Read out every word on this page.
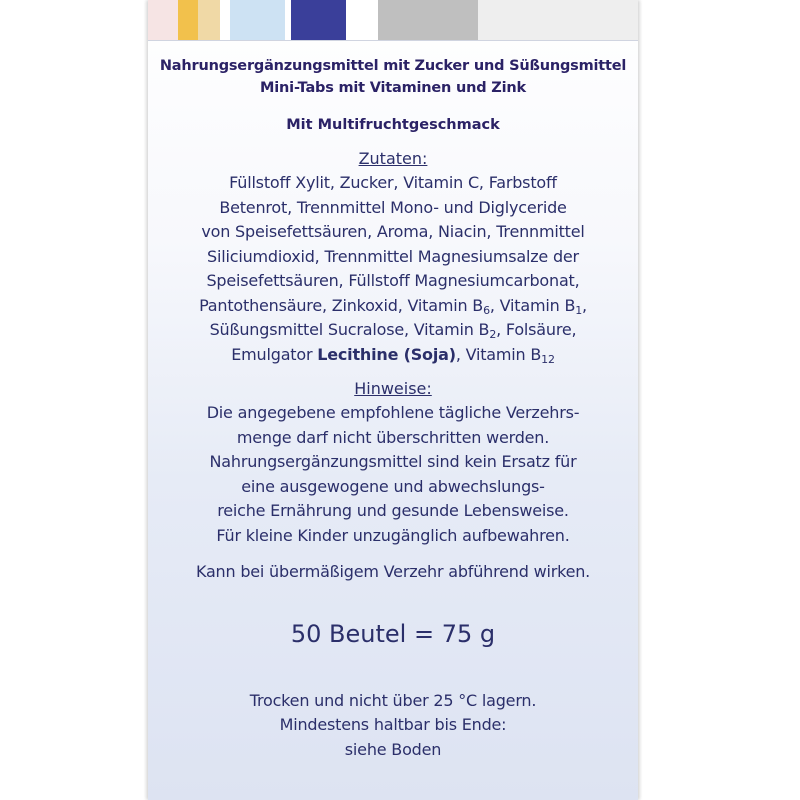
Nahrungsergänzungsmittel mit Zucker und Süßungsmittel
Mini-Tabs mit Vitaminen und Zink
Mit Multifruchtgeschmack
Zutaten:
Füllstoff Xylit, Zucker, Vitamin C, Farbstoff
Betenrot, Trennmittel Mono- und Diglyceride
von Speisefettsäuren, Aroma, Niacin, Trennmittel
Siliciumdioxid, Trennmittel Magnesiumsalze der
Speisefettsäuren, Füllstoff Magnesiumcarbonat,
Pantothensäure, Zinkoxid, Vitamin $B_6$, Vitamin $B_1$,
Süßungsmittel Sucralose, Vitamin $B_2$, Folsäure,
Emulgator Lecithine (Soja), Vitamin $B_{12}$
Hinweise:
Die angegebene empfohlene tägliche Verzehrs-
menge darf nicht überschritten werden.
Nahrungsergänzungsmittel sind kein Ersatz für
eine ausgewogene und abwechslungs-
reiche Ernährung und gesunde Lebensweise.
Für kleine Kinder unzugänglich aufbewahren.
Kann bei übermäßigem Verzehr abführend wirken.
50 Beutel = 75 g
Trocken und nicht über 25 °C lagern.
Mindestens haltbar bis Ende:
siehe Boden
